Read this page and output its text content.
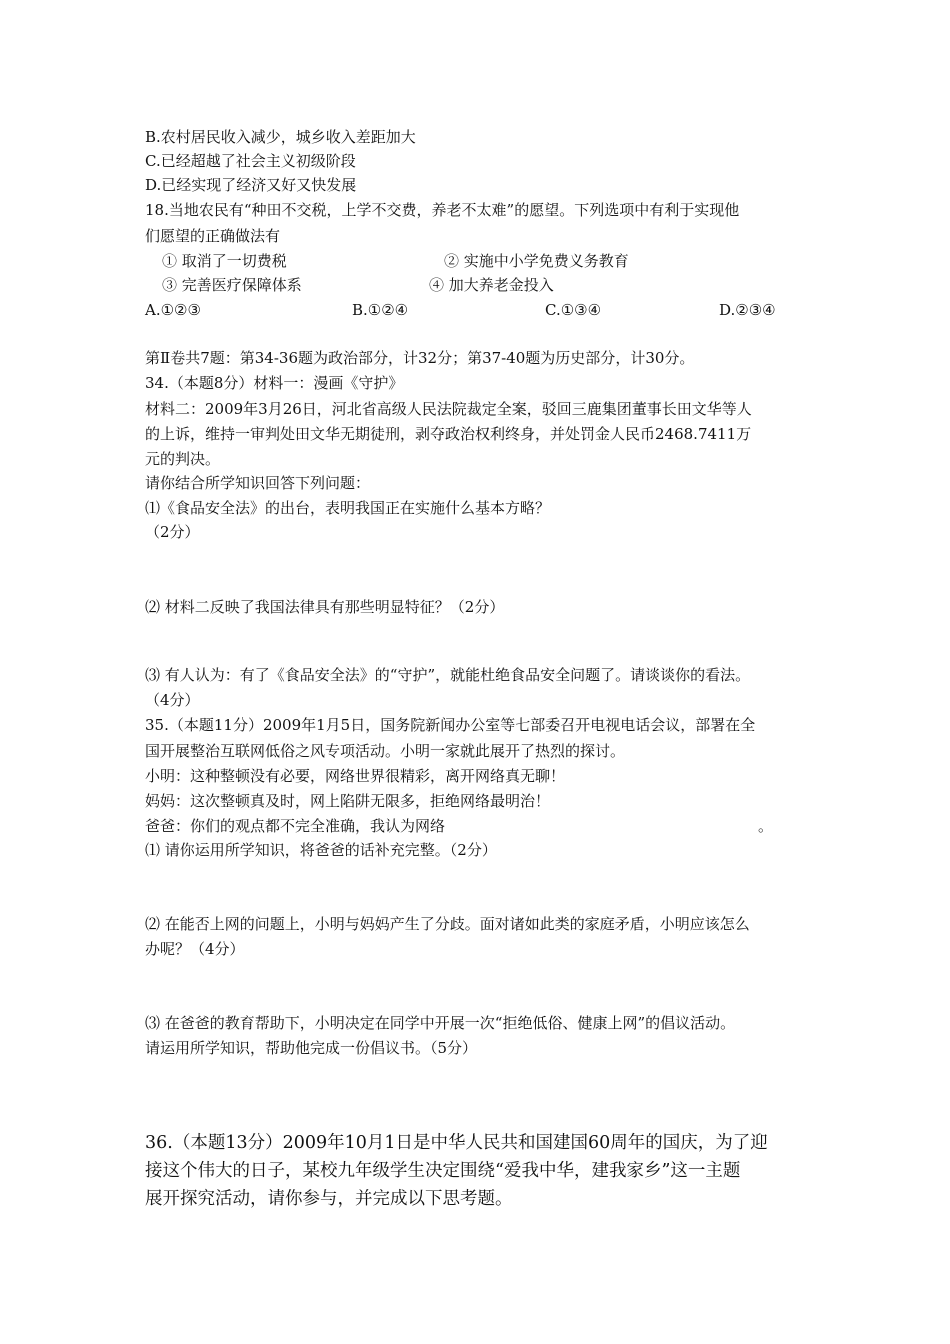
B.农村居民收入减少，城乡收入差距加大
C.已经超越了社会主义初级阶段
D.已经实现了经济又好又快发展
18.当地农民有“种田不交税，上学不交费，养老不太难”的愿望。下列选项中有利于实现他
们愿望的正确做法有
① 取消了一切费税	② 实施中小学免费义务教育
③ 完善医疗保障体系	④ 加大养老金投入
A.①②③	B.①②④	C.①③④	D.②③④
第Ⅱ卷共7题：第34-36题为政治部分，计32分；第37-40题为历史部分，计30分。
34.（本题8分）材料一：漫画《守护》
材料二：2009年3月26日，河北省高级人民法院裁定全案，驳回三鹿集团董事长田文华等人
的上诉，维持一审判处田文华无期徒刑，剥夺政治权利终身，并处罚金人民币2468.7411万
元的判决。
请你结合所学知识回答下列问题：
⑴《食品安全法》的出台，表明我国正在实施什么基本方略？
（2分）
⑵ 材料二反映了我国法律具有那些明显特征？（2分）
⑶ 有人认为：有了《食品安全法》的“守护”，就能杜绝食品安全问题了。请谈谈你的看法。
（4分）
35.（本题11分）2009年1月5日，国务院新闻办公室等七部委召开电视电话会议，部署在全
国开展整治互联网低俗之风专项活动。小明一家就此展开了热烈的探讨。
小明：这种整顿没有必要，网络世界很精彩，离开网络真无聊！
妈妈：这次整顿真及时，网上陷阱无限多，拒绝网络最明治！
爸爸：你们的观点都不完全准确，我认为网络	。
⑴ 请你运用所学知识，将爸爸的话补充完整。（2分）
⑵ 在能否上网的问题上，小明与妈妈产生了分歧。面对诸如此类的家庭矛盾，小明应该怎么
办呢？（4分）
⑶ 在爸爸的教育帮助下，小明决定在同学中开展一次“拒绝低俗、健康上网”的倡议活动。
请运用所学知识，帮助他完成一份倡议书。（5分）
36.（本题13分）2009年10月1日是中华人民共和国建国60周年的国庆，为了迎
接这个伟大的日子，某校九年级学生决定围绕“爱我中华，建我家乡”这一主题
展开探究活动，请你参与，并完成以下思考题。
